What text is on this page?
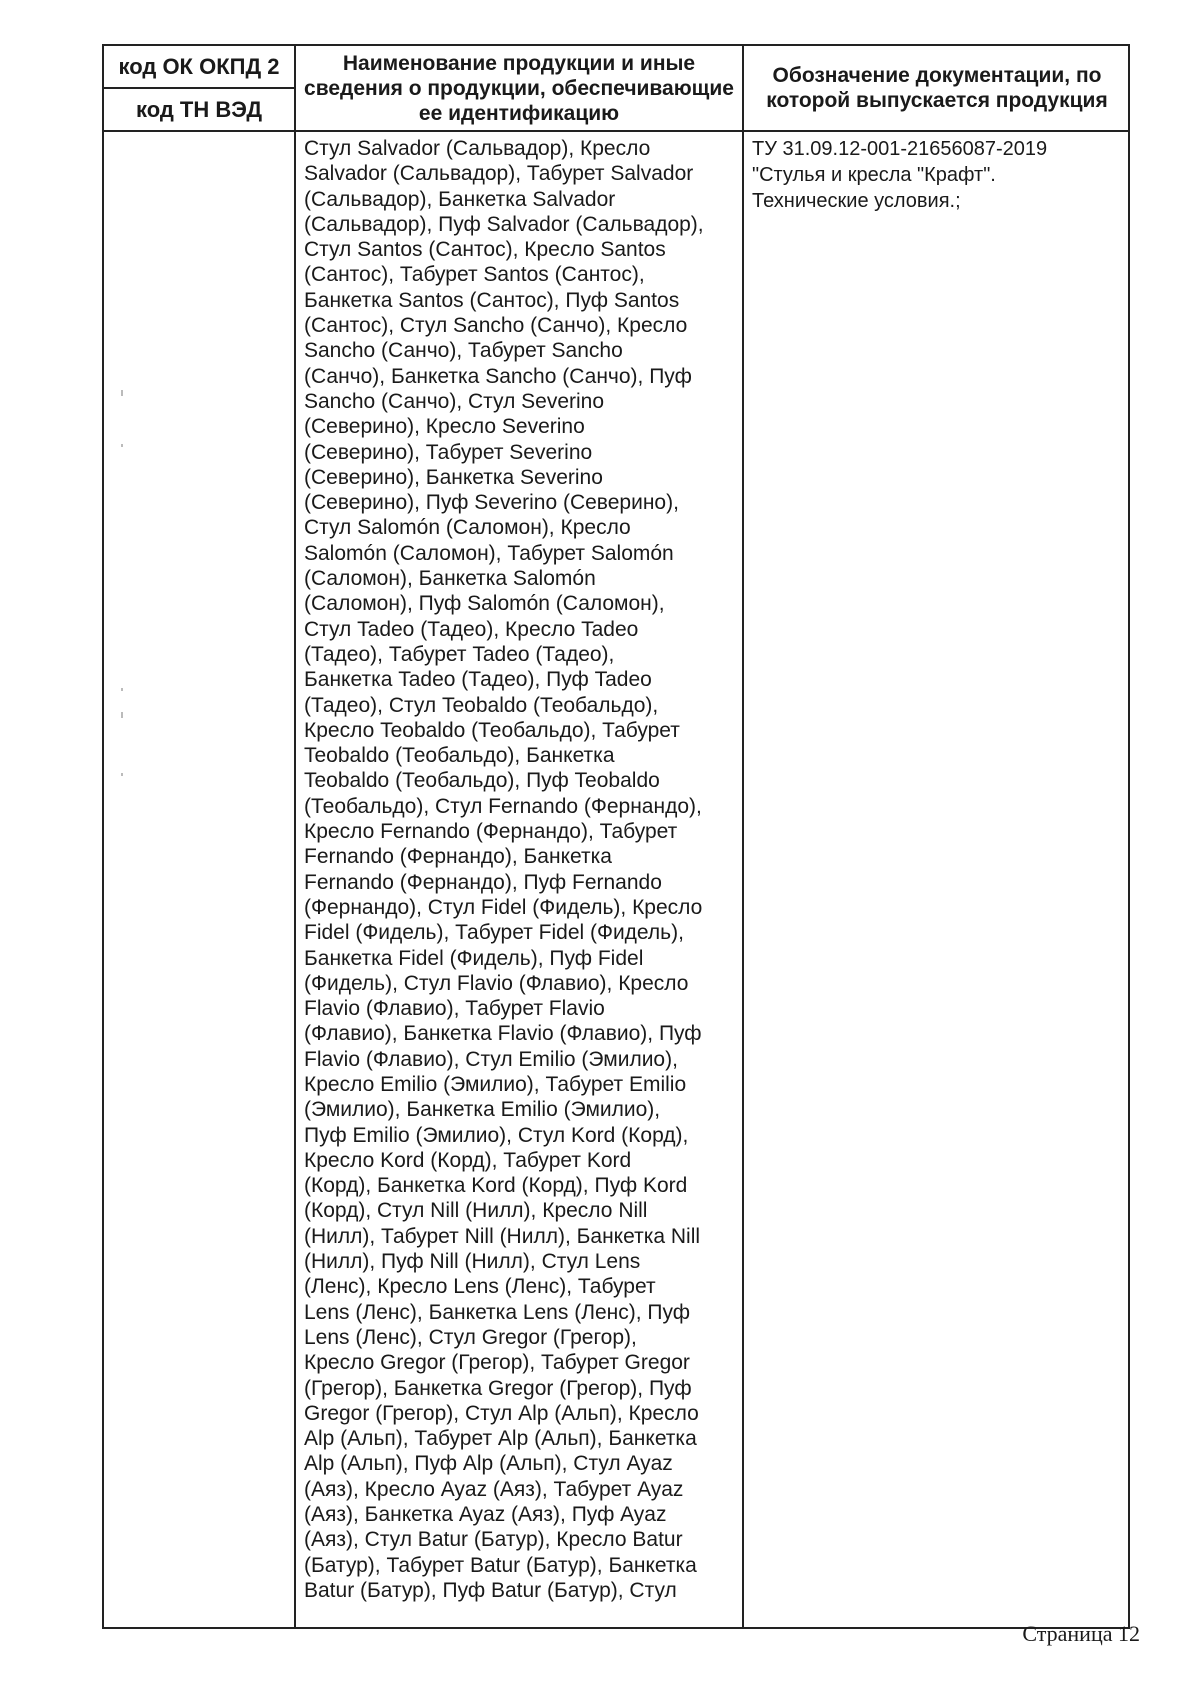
код ОК ОКПД 2
код ТН ВЭД
Наименование продукции и иные сведения о продукции, обеспечивающие ее идентификацию
Обозначение документации, по которой выпускается продукция
Стул Salvador (Сальвадор), Кресло
Salvador (Сальвадор), Табурет Salvador
(Сальвадор), Банкетка Salvador
(Сальвадор), Пуф Salvador (Сальвадор),
Стул Santos (Сантос), Кресло Santos
(Сантос), Табурет Santos (Сантос),
Банкетка Santos (Сантос), Пуф Santos
(Сантос), Стул Sancho (Санчо), Кресло
Sancho (Санчо), Табурет Sancho
(Санчо), Банкетка Sancho (Санчо), Пуф
Sancho (Санчо), Стул Severino
(Северино), Кресло Severino
(Северино), Табурет Severino
(Северино), Банкетка Severino
(Северино), Пуф Severino (Северино),
Стул Salomón (Саломон), Кресло
Salomón (Саломон), Табурет Salomón
(Саломон), Банкетка Salomón
(Саломон), Пуф Salomón (Саломон),
Стул Tadeo (Тадео), Кресло Tadeo
(Тадео), Табурет Tadeo (Тадео),
Банкетка Tadeo (Тадео), Пуф Tadeo
(Тадео), Стул Teobaldo (Теобальдо),
Кресло Teobaldo (Теобальдо), Табурет
Teobaldo (Теобальдо), Банкетка
Teobaldo (Теобальдо), Пуф Teobaldo
(Теобальдо), Стул Fernando (Фернандо),
Кресло Fernando (Фернандо), Табурет
Fernando (Фернандо), Банкетка
Fernando (Фернандо), Пуф Fernando
(Фернандо), Стул Fidel (Фидель), Кресло
Fidel (Фидель), Табурет Fidel (Фидель),
Банкетка Fidel (Фидель), Пуф Fidel
(Фидель), Стул Flavio (Флавио), Кресло
Flavio (Флавио), Табурет Flavio
(Флавио), Банкетка Flavio (Флавио), Пуф
Flavio (Флавио), Стул Emilio (Эмилио),
Кресло Emilio (Эмилио), Табурет Emilio
(Эмилио), Банкетка Emilio (Эмилио),
Пуф Emilio (Эмилио), Стул Kord (Корд),
Кресло Kord (Корд), Табурет Kord
(Корд), Банкетка Kord (Корд), Пуф Kord
(Корд), Стул Nill (Нилл), Кресло Nill
(Нилл), Табурет Nill (Нилл), Банкетка Nill
(Нилл), Пуф Nill (Нилл), Стул Lens
(Ленс), Кресло Lens (Ленс), Табурет
Lens (Ленс), Банкетка Lens (Ленс), Пуф
Lens (Ленс), Стул Gregor (Грегор),
Кресло Gregor (Грегор), Табурет Gregor
(Грегор), Банкетка Gregor (Грегор), Пуф
Gregor (Грегор), Стул Alp (Альп), Кресло
Alp (Альп), Табурет Alp (Альп), Банкетка
Alp (Альп), Пуф Alp (Альп), Стул Ayaz
(Аяз), Кресло Ayaz (Аяз), Табурет Ayaz
(Аяз), Банкетка Ayaz (Аяз), Пуф Ayaz
(Аяз), Стул Batur (Батур), Кресло Batur
(Батур), Табурет Batur (Батур), Банкетка
Batur (Батур), Пуф Batur (Батур), Стул
ТУ 31.09.12-001-21656087-2019
"Стулья и кресла "Крафт".
Технические условия.;
Страница 12
